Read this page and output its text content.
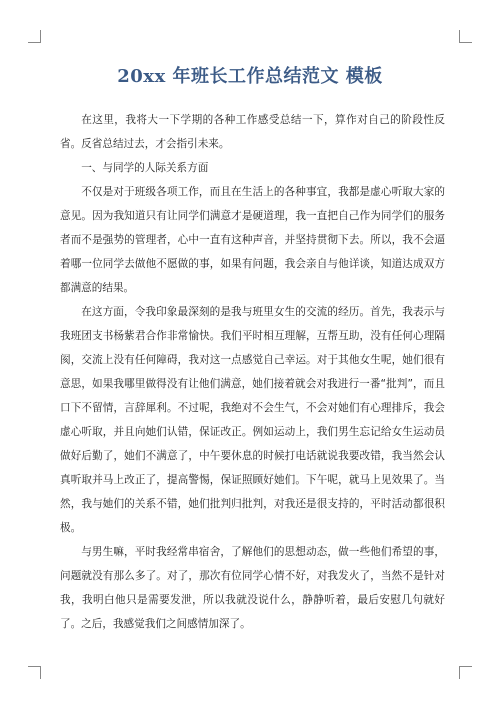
20xx 年班长工作总结范文 模板

在这里，我将大一下学期的各种工作感受总结一下，算作对自己的阶段性反省。反省总结过去，才会指引未来。

一、与同学的人际关系方面

不仅是对于班级各项工作，而且在生活上的各种事宜，我都是虚心听取大家的意见。因为我知道只有让同学们满意才是硬道理，我一直把自己作为同学们的服务者而不是强势的管理者，心中一直有这种声音，并坚持贯彻下去。所以，我不会逼着哪一位同学去做他不愿做的事，如果有问题，我会亲自与他详谈，知道达成双方都满意的结果。

在这方面，令我印象最深刻的是我与班里女生的交流的经历。首先，我表示与我班团支书杨紫君合作非常愉快。我们平时相互理解，互帮互助，没有任何心理隔阂，交流上没有任何障碍，我对这一点感觉自己幸运。对于其他女生呢，她们很有意思，如果我哪里做得没有让他们满意，她们接着就会对我进行一番“批判”，而且口下不留情，言辞犀利。不过呢，我绝对不会生气，不会对她们有心理排斥，我会虚心听取，并且向她们认错，保证改正。例如运动上，我们男生忘记给女生运动员做好后勤了，她们不满意了，中午要休息的时候打电话就说我要改错，我当然会认真听取并马上改正了，提高警惕，保证照顾好她们。下午呢，就马上见效果了。当然，我与她们的关系不错，她们批判归批判，对我还是很支持的，平时活动都很积极。

与男生嘛，平时我经常串宿舍，了解他们的思想动态，做一些他们希望的事，问题就没有那么多了。对了，那次有位同学心情不好，对我发火了，当然不是针对我，我明白他只是需要发泄，所以我就没说什么，静静听着，最后安慰几句就好了。之后，我感觉我们之间感情加深了。
